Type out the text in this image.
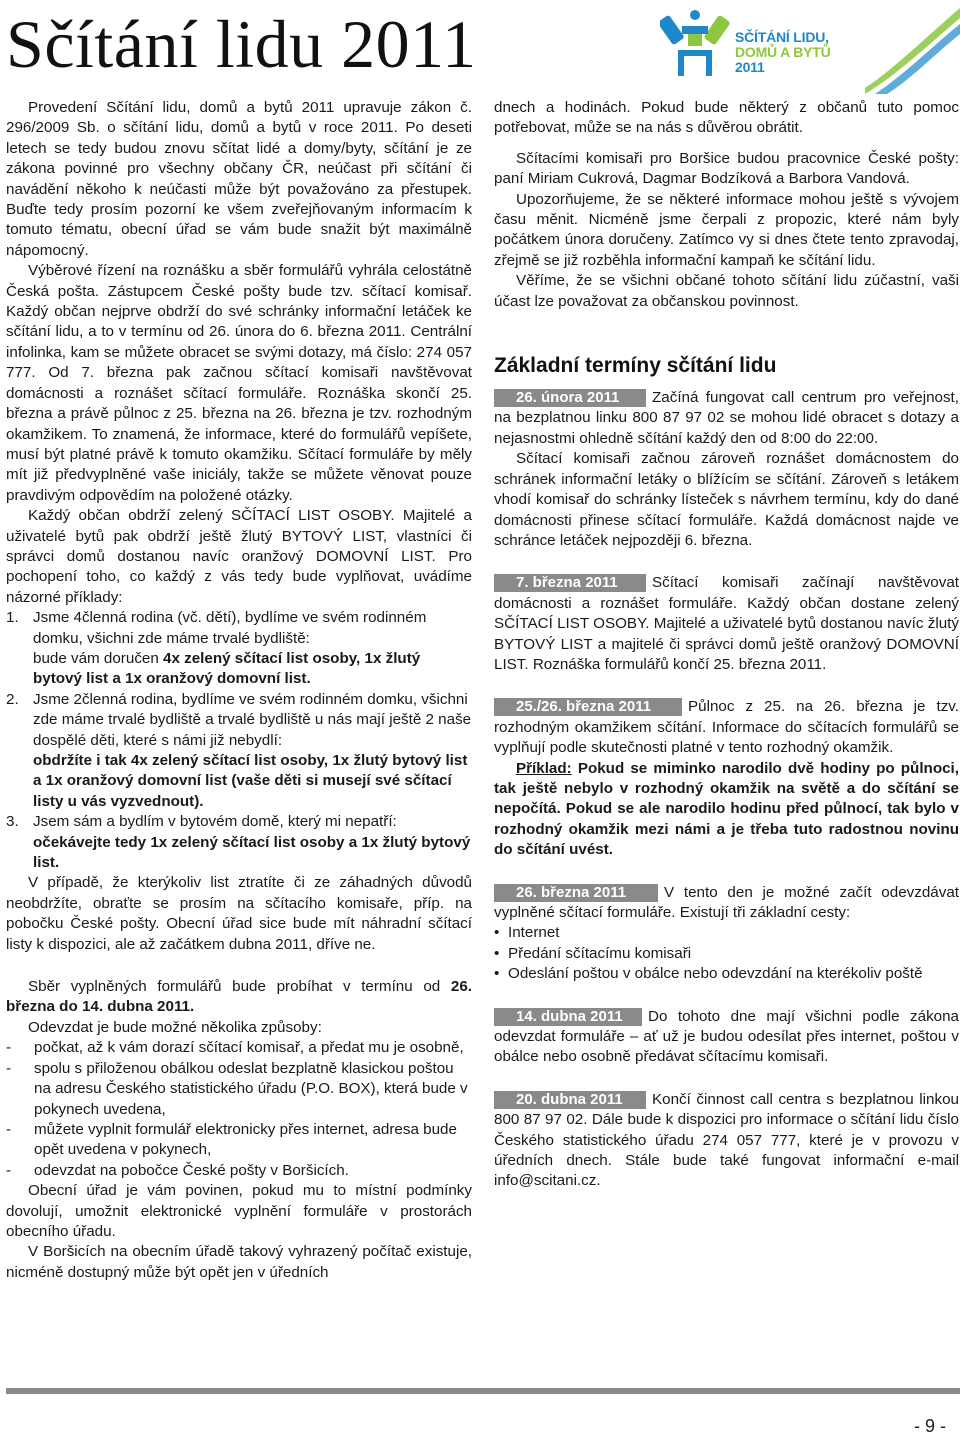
Sčítání lidu 2011	SČÍTÁNÍ LIDU,
DOMŮ A BYTŮ
2011

Provedení Sčítání lidu, domů a bytů 2011 upravuje zákon č. 296/2009 Sb. o sčítání lidu, domů a bytů v roce 2011. Po deseti letech se tedy budou znovu sčítat lidé a domy/byty, sčítání je ze zákona povinné pro všechny občany ČR, neúčast při sčítání či navádění někoho k neúčasti může být považováno za přestupek. Buďte tedy prosím pozorní ke všem zveřejňovaným informacím k tomuto tématu, obecní úřad se vám bude snažit být maximálně nápomocný.

Výběrové řízení na roznášku a sběr formulářů vyhrála celostátně Česká pošta. Zástupcem České pošty bude tzv. sčítací komisař. Každý občan nejprve obdrží do své schránky informační letáček ke sčítání lidu, a to v termínu od 26. února do 6. března 2011. Centrální infolinka, kam se můžete obracet se svými dotazy, má číslo: 274 057 777. Od 7. března pak začnou sčítací komisaři navštěvovat domácnosti a roznášet sčítací formuláře. Roznáška skončí 25. března a právě půlnoc z 25. března na 26. března je tzv. rozhodným okamžikem. To znamená, že informace, které do formulářů vepíšete, musí být platné právě k tomuto okamžiku. Sčítací formuláře by měly mít již předvyplněné vaše iniciály, takže se můžete věnovat pouze pravdivým odpovědím na položené otázky.

Každý občan obdrží zelený SČÍTACÍ LIST OSOBY. Majitelé a uživatelé bytů pak obdrží ještě žlutý BYTOVÝ LIST, vlastníci či správci domů dostanou navíc oranžový DOMOVNÍ LIST. Pro pochopení toho, co každý z vás tedy bude vyplňovat, uvádíme názorné příklady:

1. Jsme 4členná rodina (vč. dětí), bydlíme ve svém rodinném domku, všichni zde máme trvalé bydliště:
bude vám doručen 4x zelený sčítací list osoby, 1x žlutý bytový list a 1x oranžový domovní list.
2. Jsme 2členná rodina, bydlíme ve svém rodinném domku, všichni zde máme trvalé bydliště a trvalé bydliště u nás mají ještě 2 naše dospělé děti, které s námi již nebydlí:
obdržíte i tak 4x zelený sčítací list osoby, 1x žlutý bytový list a 1x oranžový domovní list (vaše děti si musejí své sčítací listy u vás vyzvednout).
3. Jsem sám a bydlím v bytovém domě, který mi nepatří:
očekávejte tedy 1x zelený sčítací list osoby a 1x žlutý bytový list.

V případě, že kterýkoliv list ztratíte či ze záhadných důvodů neobdržíte, obraťte se prosím na sčítacího komisaře, příp. na pobočku České pošty. Obecní úřad sice bude mít náhradní sčítací listy k dispozici, ale až začátkem dubna 2011, dříve ne.

Sběr vyplněných formulářů bude probíhat v termínu od 26. března do 14. dubna 2011.

Odevzdat je bude možné několika způsoby:

-	počkat, až k vám dorazí sčítací komisař, a předat mu je osobně,
-	spolu s přiloženou obálkou odeslat bezplatně klasickou poštou na adresu Českého statistického úřadu (P.O. BOX), která bude v pokynech uvedena,
-	můžete vyplnit formulář elektronicky přes internet, adresa bude opět uvedena v pokynech,
-	odevzdat na pobočce České pošty v Boršicích.

Obecní úřad je vám povinen, pokud mu to místní podmínky dovolují, umožnit elektronické vyplnění formuláře v prostorách obecního úřadu.

V Boršicích na obecním úřadě takový vyhrazený počítač existuje, nicméně dostupný může být opět jen v úředních

dnech a hodinách. Pokud bude některý z občanů tuto pomoc potřebovat, může se na nás s důvěrou obrátit.

Sčítacími komisaři pro Boršice budou pracovnice České pošty: paní Miriam Cukrová, Dagmar Bodzíková a Barbora Vandová.

Upozorňujeme, že se některé informace mohou ještě s vývojem času měnit. Nicméně jsme čerpali z propozic, které nám byly počátkem února doručeny. Zatímco vy si dnes čtete tento zpravodaj, zřejmě se již rozběhla informační kampaň ke sčítání lidu.

Věříme, že se všichni občané tohoto sčítání lidu zúčastní, vaši účast lze považovat za občanskou povinnost.

Základní termíny sčítání lidu

26. února 2011 Začíná fungovat call centrum pro veřejnost, na bezplatnou linku 800 87 97 02 se mohou lidé obracet s dotazy a nejasnostmi ohledně sčítání každý den od 8:00 do 22:00.

Sčítací komisaři začnou zároveň roznášet domácnostem do schránek informační letáky o blížícím se sčítání. Zároveň s letákem vhodí komisař do schránky lísteček s návrhem termínu, kdy do dané domácnosti přinese sčítací formuláře. Každá domácnost najde ve schránce letáček nejpozději 6. března.

7. března 2011 Sčítací komisaři začínají navštěvovat domácnosti a roznášet formuláře. Každý občan dostane zelený SČÍTACÍ LIST OSOBY. Majitelé a uživatelé bytů dostanou navíc žlutý BYTOVÝ LIST a majitelé či správci domů ještě oranžový DOMOVNÍ LIST. Roznáška formulářů končí 25. března 2011.

25./26. března 2011 Půlnoc z 25. na 26. března je tzv. rozhodným okamžikem sčítání. Informace do sčítacích formulářů se vyplňují podle skutečnosti platné v tento rozhodný okamžik.

Příklad: Pokud se miminko narodilo dvě hodiny po půlnoci, tak ještě nebylo v rozhodný okamžik na světě a do sčítání se nepočítá. Pokud se ale narodilo hodinu před půlnocí, tak bylo v rozhodný okamžik mezi námi a je třeba tuto radostnou novinu do sčítání uvést.

26. března 2011 V tento den je možné začít odevzdávat vyplněné sčítací formuláře. Existují tři základní cesty:

• Internet
• Předání sčítacímu komisaři
• Odeslání poštou v obálce nebo odevzdání na kterékoliv poště

14. dubna 2011 Do tohoto dne mají všichni podle zákona odevzdat formuláře – ať už je budou odesílat přes internet, poštou v obálce nebo osobně předávat sčítacímu komisaři.

20. dubna 2011 Končí činnost call centra s bezplatnou linkou 800 87 97 02. Dále bude k dispozici pro informace o sčítání lidu číslo Českého statistického úřadu 274 057 777, které je v provozu v úředních dnech. Stále bude také fungovat informační e-mail info@scitani.cz.

- 9 -
